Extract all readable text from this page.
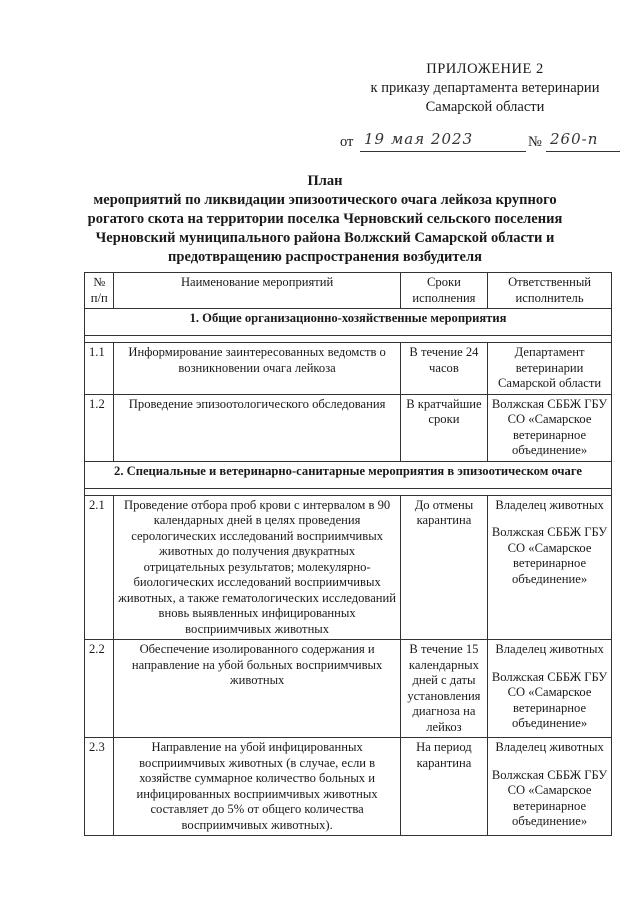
ПРИЛОЖЕНИЕ 2
к приказу департамента ветеринарии
Самарской области
от 19 мая 2023	№ 260-п
План
мероприятий по ликвидации эпизоотического очага лейкоза крупного рогатого скота на территории поселка Черновский сельского поселения Черновский муниципального района Волжский Самарской области и предотвращению распространения возбудителя
№ п/п	Наименование мероприятий	Сроки исполнения	Ответственный исполнитель
1. Общие организационно-хозяйственные мероприятия			

1.1	Информирование заинтересованных ведомств о возникновении очага лейкоза	В течение 24 часов	Департамент ветеринарии Самарской области
1.2	Проведение эпизоотологического обследования	В кратчайшие сроки	Волжская СББЖ ГБУ СО «Самарское ветеринарное объединение»
2. Специальные и ветеринарно-санитарные мероприятия в эпизоотическом очаге			

2.1	Проведение отбора проб крови с интервалом в 90 календарных дней в целях проведения серологических исследований восприимчивых животных до получения двукратных отрицательных результатов; молекулярно-биологических исследований восприимчивых животных, а также гематологических исследований вновь выявленных инфицированных восприимчивых животных	До отмены карантина	Владелец животных
Волжская СББЖ ГБУ СО «Самарское ветеринарное объединение»

2.2	Обеспечение изолированного содержания и направление на убой больных восприимчивых животных	В течение 15 календарных дней с даты установления диагноза на лейкоз	Владелец животных
Волжская СББЖ ГБУ СО «Самарское ветеринарное объединение»

2.3	Направление на убой инфицированных восприимчивых животных (в случае, если в хозяйстве суммарное количество больных и инфицированных восприимчивых животных составляет до 5% от общего количества восприимчивых животных).	На период карантина	Владелец животных
Волжская СББЖ ГБУ СО «Самарское ветеринарное объединение»
